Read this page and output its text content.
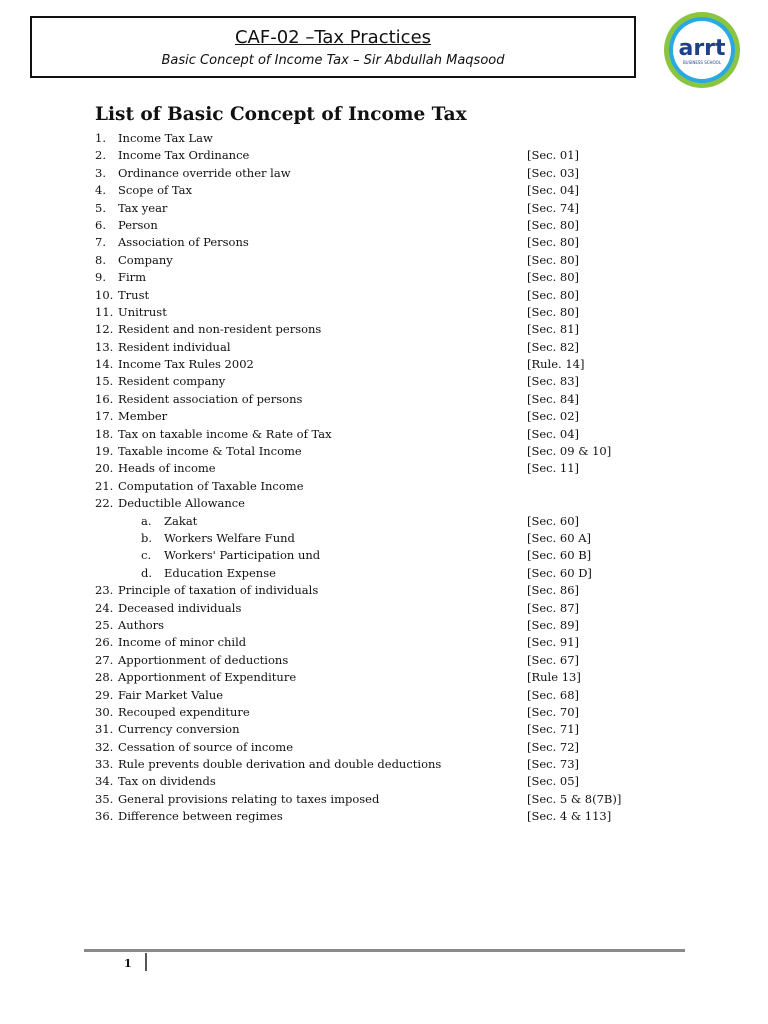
CAF-02 –Tax Practices
Basic Concept of Income Tax – Sir Abdullah Maqsood	arrt
BUSINESS SCHOOL
List of Basic Concept of Income Tax
1. Income Tax Law
2. Income Tax Ordinance	[Sec. 01]
3. Ordinance override other law	[Sec. 03]
4. Scope of Tax	[Sec. 04]
5. Tax year	[Sec. 74]
6. Person	[Sec. 80]
7. Association of Persons	[Sec. 80]
8. Company	[Sec. 80]
9. Firm	[Sec. 80]
10. Trust	[Sec. 80]
11. Unitrust	[Sec. 80]
12. Resident and non-resident persons	[Sec. 81]
13. Resident individual	[Sec. 82]
14. Income Tax Rules 2002	[Rule. 14]
15. Resident company	[Sec. 83]
16. Resident association of persons	[Sec. 84]
17. Member	[Sec. 02]
18. Tax on taxable income & Rate of Tax	[Sec. 04]
19. Taxable income & Total Income	[Sec. 09 & 10]
20. Heads of income	[Sec. 11]
21. Computation of Taxable Income
22. Deductible Allowance
a. Zakat	[Sec. 60]
b. Workers Welfare Fund	[Sec. 60 A]
c. Workers' Participation und	[Sec. 60 B]
d. Education Expense	[Sec. 60 D]
23. Principle of taxation of individuals	[Sec. 86]
24. Deceased individuals	[Sec. 87]
25. Authors	[Sec. 89]
26. Income of minor child	[Sec. 91]
27. Apportionment of deductions	[Sec. 67]
28. Apportionment of Expenditure	[Rule 13]
29. Fair Market Value	[Sec. 68]
30. Recouped expenditure	[Sec. 70]
31. Currency conversion	[Sec. 71]
32. Cessation of source of income	[Sec. 72]
33. Rule prevents double derivation and double deductions	[Sec. 73]
34. Tax on dividends	[Sec. 05]
35. General provisions relating to taxes imposed	[Sec. 5 & 8(7B)]
36. Difference between regimes	[Sec. 4 & 113]
1
